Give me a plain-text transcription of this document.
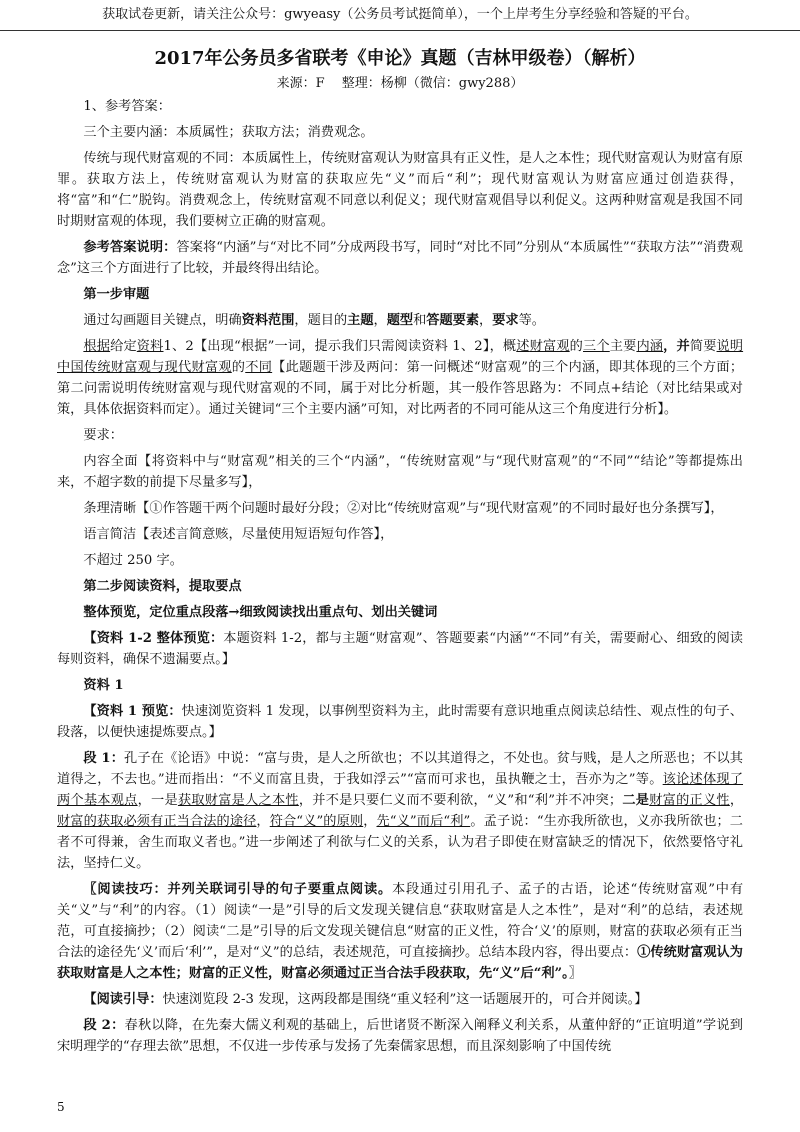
获取试卷更新，请关注公众号：gwyeasy（公务员考试挺简单），一个上岸考生分享经验和答疑的平台。
2017年公务员多省联考《申论》真题（吉林甲级卷）（解析）
来源：F　 整理：杨柳（微信：gwy288）

1、参考答案：

三个主要内涵：本质属性；获取方法；消费观念。

传统与现代财富观的不同：本质属性上，传统财富观认为财富具有正义性，是人之本性；现代财富观认为财富有原罪。获取方法上，传统财富观认为财富的获取应先“义”而后“利”；现代财富观认为财富应通过创造获得，将“富”和“仁”脱钩。消费观念上，传统财富观不同意以利促义；现代财富观倡导以利促义。这两种财富观是我国不同时期财富观的体现，我们要树立正确的财富观。

参考答案说明：答案将“内涵”与“对比不同”分成两段书写，同时“对比不同”分别从“本质属性”“获取方法”“消费观念”这三个方面进行了比较，并最终得出结论。

第一步审题

通过勾画题目关键点，明确资料范围，题目的主题，题型和答题要素，要求等。

根据给定资料1、2【出现“根据”一词，提示我们只需阅读资料 1、2】，概述财富观的三个主要内涵，并简要说明中国传统财富观与现代财富观的不同【此题题干涉及两问：第一问概述“财富观”的三个内涵，即其体现的三个方面；第二问需说明传统财富观与现代财富观的不同，属于对比分析题，其一般作答思路为：不同点+结论（对比结果或对策，具体依据资料而定）。通过关键词“三个主要内涵”可知，对比两者的不同可能从这三个角度进行分析】。

要求：

内容全面【将资料中与“财富观”相关的三个“内涵”，“传统财富观”与“现代财富观”的“不同”“结论”等都提炼出来，不超字数的前提下尽量多写】，

条理清晰【①作答题干两个问题时最好分段；②对比“传统财富观”与“现代财富观”的不同时最好也分条撰写】，

语言简洁【表述言简意赅，尽量使用短语短句作答】，

不超过 250 字。

第二步阅读资料，提取要点

整体预览，定位重点段落→细致阅读找出重点句、划出关键词

【资料 1-2 整体预览：本题资料 1-2，都与主题“财富观”、答题要素“内涵”“不同”有关，需要耐心、细致的阅读每则资料，确保不遗漏要点。】

资料 1

【资料 1 预览：快速浏览资料 1 发现，以事例型资料为主，此时需要有意识地重点阅读总结性、观点性的句子、段落，以便快速提炼要点。】

段 1：孔子在《论语》中说：“富与贵，是人之所欲也；不以其道得之，不处也。贫与贱，是人之所恶也；不以其道得之，不去也。”进而指出：“不义而富且贵，于我如浮云”“富而可求也，虽执鞭之士，吾亦为之”等。该论述体现了两个基本观点，一是获取财富是人之本性，并不是只要仁义而不要利欲，“义”和“利”并不冲突；二是财富的正义性，财富的获取必须有正当合法的途径，符合“义”的原则，先“义”而后“利”。孟子说：“生亦我所欲也，义亦我所欲也；二者不可得兼，舍生而取义者也。”进一步阐述了利欲与仁义的关系，认为君子即使在财富缺乏的情况下，依然要恪守礼法，坚持仁义。

〖阅读技巧：并列关联词引导的句子要重点阅读。本段通过引用孔子、孟子的古语，论述“传统财富观”中有关“义”与“利”的内容。（1）阅读“一是”引导的后文发现关键信息“获取财富是人之本性”，是对“利”的总结，表述规范，可直接摘抄；（2）阅读“二是”引导的后文发现关键信息“财富的正义性，符合‘义’的原则，财富的获取必须有正当合法的途径先‘义’而后‘利’”，是对“义”的总结，表述规范，可直接摘抄。总结本段内容，得出要点：①传统财富观认为获取财富是人之本性；财富的正义性，财富必须通过正当合法手段获取，先“义”后“利”。〗

【阅读引导：快速浏览段 2-3 发现，这两段都是围绕“重义轻利”这一话题展开的，可合并阅读。】

段 2：春秋以降，在先秦大儒义利观的基础上，后世诸贤不断深入阐释义利关系，从董仲舒的“正谊明道”学说到宋明理学的“存理去欲”思想，不仅进一步传承与发扬了先秦儒家思想，而且深刻影响了中国传统

5
